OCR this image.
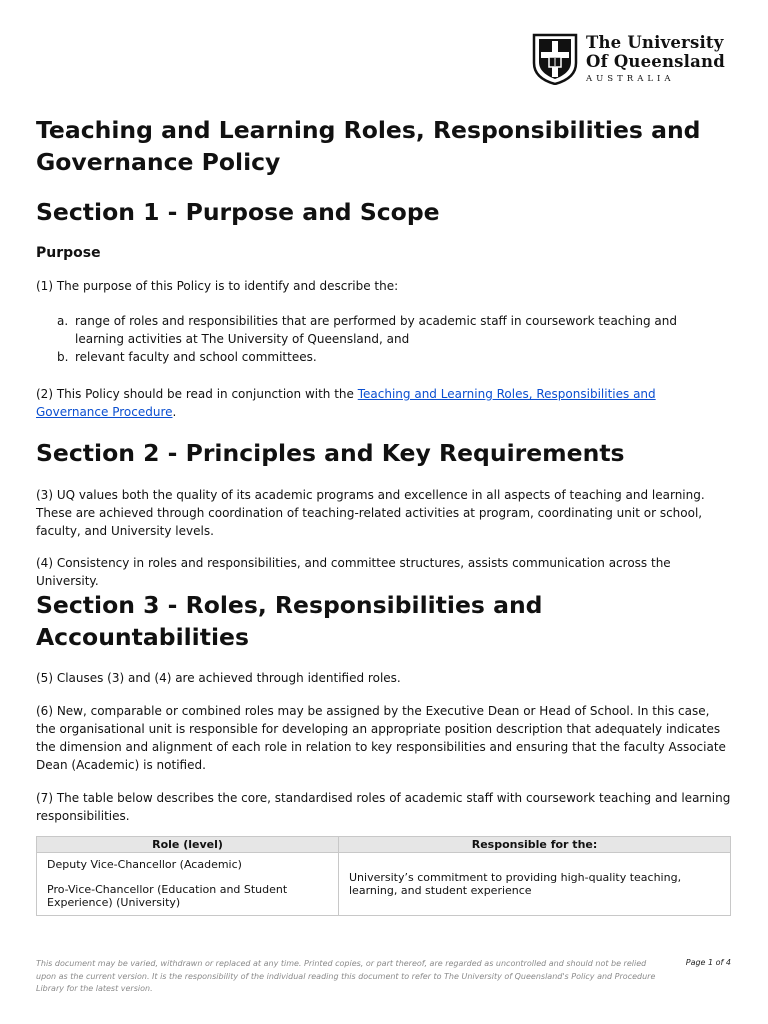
The University
Of Queensland
AUSTRALIA
Teaching and Learning Roles, Responsibilities and Governance Policy
Section 1 - Purpose and Scope
Purpose

(1) The purpose of this Policy is to identify and describe the:

a. range of roles and responsibilities that are performed by academic staff in coursework teaching and learning activities at The University of Queensland, and
b. relevant faculty and school committees.

(2) This Policy should be read in conjunction with the Teaching and Learning Roles, Responsibilities and Governance Procedure.

Section 2 - Principles and Key Requirements

(3) UQ values both the quality of its academic programs and excellence in all aspects of teaching and learning. These are achieved through coordination of teaching-related activities at program, coordinating unit or school, faculty, and University levels.

(4) Consistency in roles and responsibilities, and committee structures, assists communication across the University.

Section 3 - Roles, Responsibilities and Accountabilities

(5) Clauses (3) and (4) are achieved through identified roles.

(6) New, comparable or combined roles may be assigned by the Executive Dean or Head of School. In this case, the organisational unit is responsible for developing an appropriate position description that adequately indicates the dimension and alignment of each role in relation to key responsibilities and ensuring that the faculty Associate Dean (Academic) is notified.

(7) The table below describes the core, standardised roles of academic staff with coursework teaching and learning responsibilities.

Role (level)	Responsible for the:

Deputy Vice-Chancellor (Academic)
Pro-Vice-Chancellor (Education and Student Experience) (University)	University’s commitment to providing high-quality teaching, learning, and student experience
This document may be varied, withdrawn or replaced at any time. Printed copies, or part thereof, are regarded as uncontrolled and should not be relied upon as the current version. It is the responsibility of the individual reading this document to refer to The University of Queensland's Policy and Procedure Library for the latest version.
Page 1 of 4
